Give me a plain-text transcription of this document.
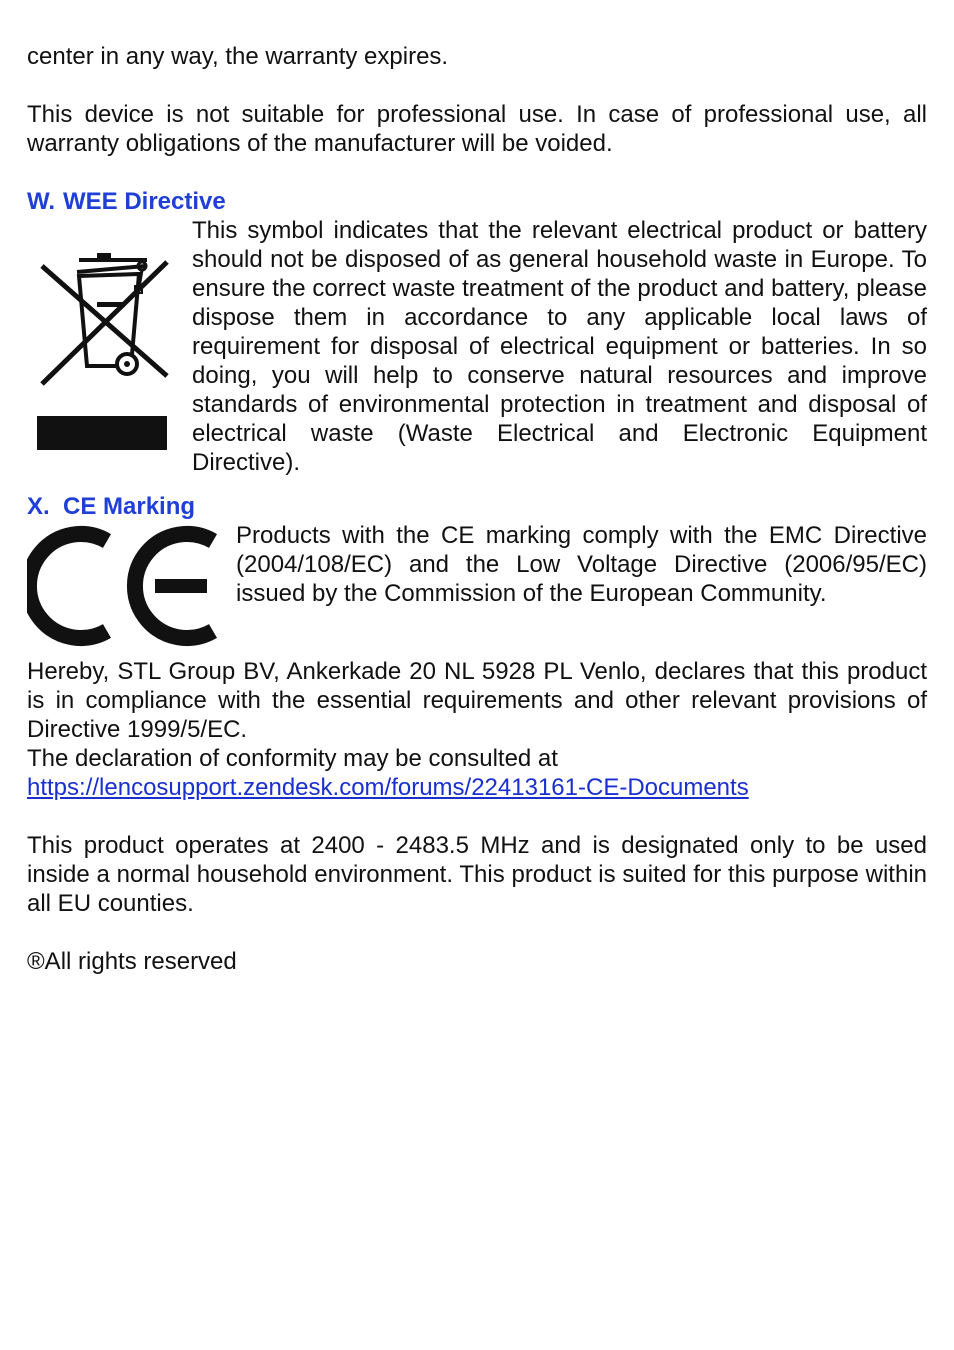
center in any way, the warranty expires.

This device is not suitable for professional use. In case of professional use, all warranty obligations of the manufacturer will be voided.

W. WEE Directive

This symbol indicates that the relevant electrical product or battery should not be disposed of as general household waste in Europe. To ensure the correct waste treatment of the product and battery, please dispose them in accordance to any applicable local laws of requirement for disposal of electrical equipment or batteries. In so doing, you will help to conserve natural resources and improve standards of environmental protection in treatment and disposal of electrical waste (Waste Electrical and Electronic Equipment Directive).

X. CE Marking

Products with the CE marking comply with the EMC Directive (2004/108/EC) and the Low Voltage Directive (2006/95/EC) issued by the Commission of the European Community.

Hereby, STL Group BV, Ankerkade 20 NL 5928 PL Venlo, declares that this product is in compliance with the essential requirements and other relevant provisions of Directive 1999/5/EC.

The declaration of conformity may be consulted at

https://lencosupport.zendesk.com/forums/22413161-CE-Documents

This product operates at 2400 - 2483.5 MHz and is designated only to be used inside a normal household environment. This product is suited for this purpose within all EU counties.

®All rights reserved
